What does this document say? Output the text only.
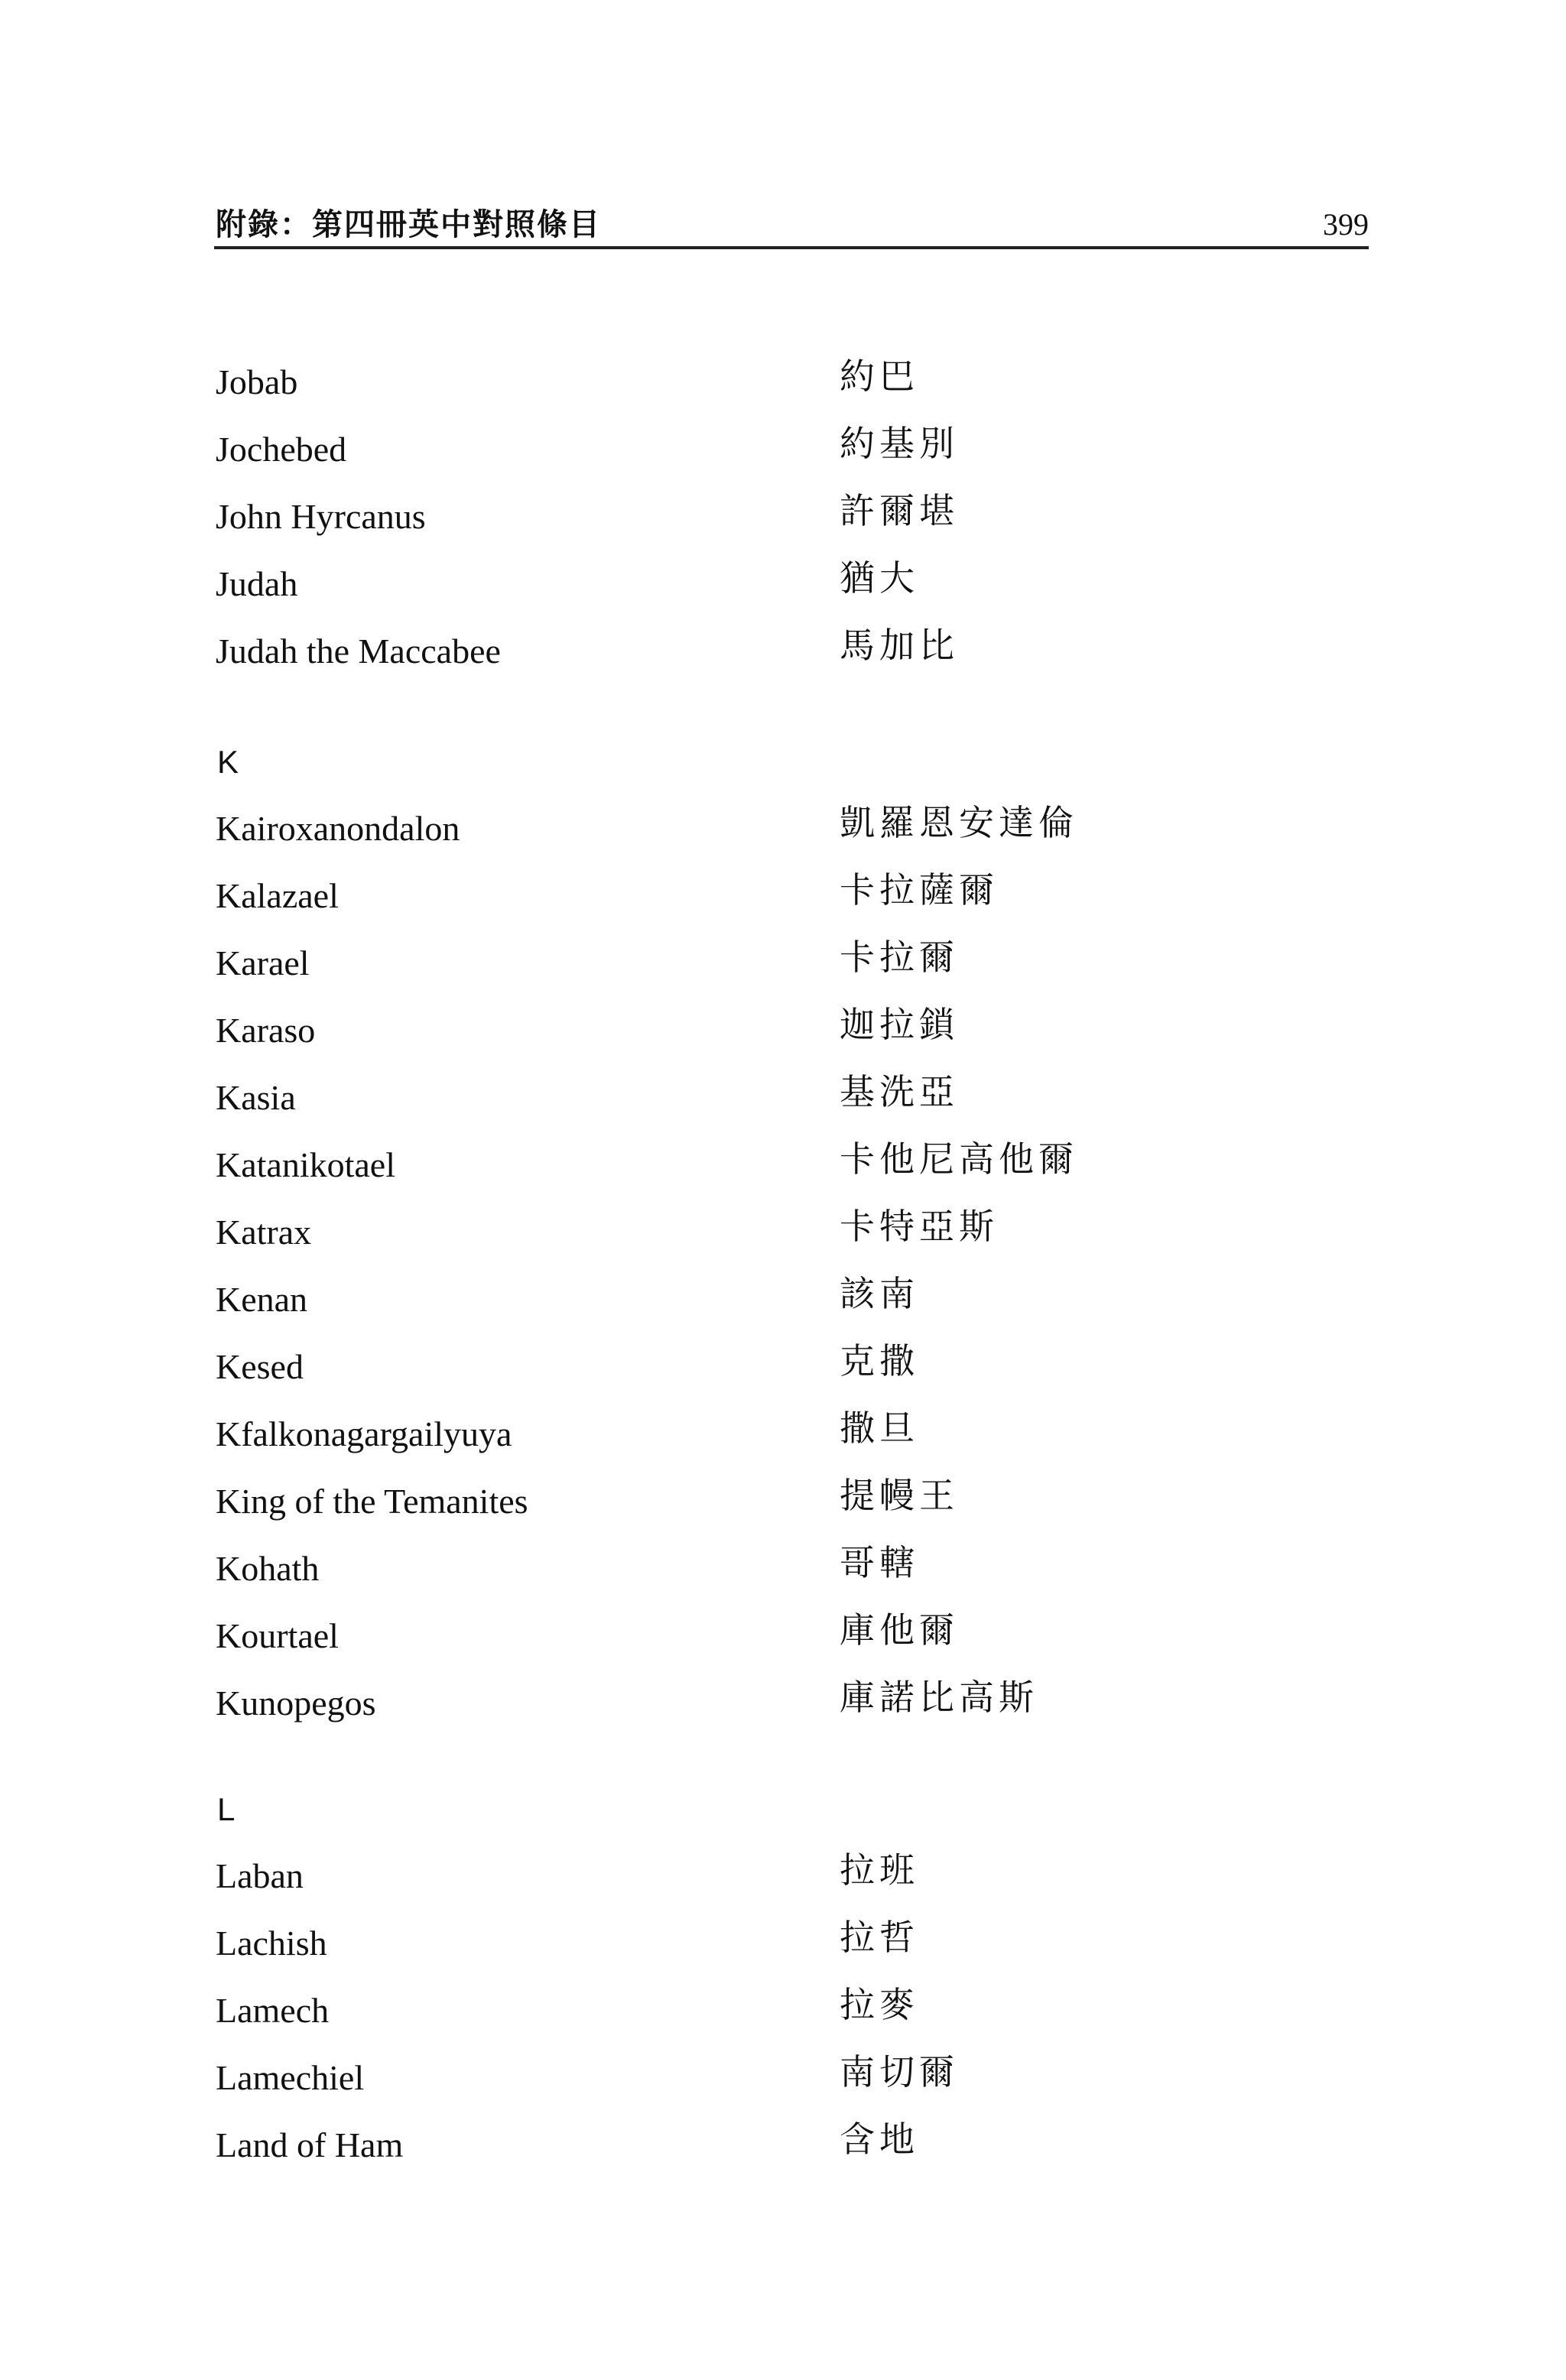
附錄：第四冊英中對照條目	399
Jobab	約巴
Jochebed	約基別
John Hyrcanus	許爾堪
Judah	猶大
Judah the Maccabee	馬加比
K
Kairoxanondalon	凱羅恩安達倫
Kalazael	卡拉薩爾
Karael	卡拉爾
Karaso	迦拉鎖
Kasia	基洗亞
Katanikotael	卡他尼高他爾
Katrax	卡特亞斯
Kenan	該南
Kesed	克撒
Kfalkonagargailyuya	撒旦
King of the Temanites	提幔王
Kohath	哥轄
Kourtael	庫他爾
Kunopegos	庫諾比高斯
L
Laban	拉班
Lachish	拉哲
Lamech	拉麥
Lamechiel	南切爾
Land of Ham	含地
